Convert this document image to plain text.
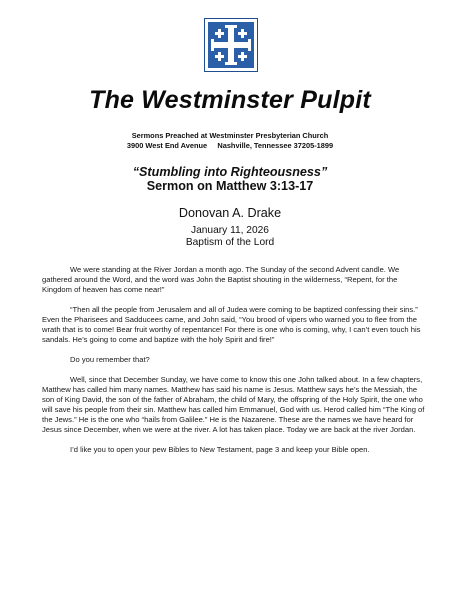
The Westminster Pulpit
Sermons Preached at Westminster Presbyterian Church
3900 West End Avenue     Nashville, Tennessee 37205-1899
“Stumbling into Righteousness”
Sermon on Matthew 3:13-17
Donovan A. Drake
January 11, 2026
Baptism of the Lord

We were standing at the River Jordan a month ago. The Sunday of the second Advent candle. We gathered around the Word, and the word was John the Baptist shouting in the wilderness, “Repent, for the Kingdom of heaven has come near!”

“Then all the people from Jerusalem and all of Judea were coming to be baptized confessing their sins.” Even the Pharisees and Sadducees came, and John said, “You brood of vipers who warned you to flee from the wrath that is to come! Bear fruit worthy of repentance! For there is one who is coming, why, I can’t even touch his sandals. He’s going to come and baptize with the holy Spirit and fire!”

Do you remember that?

Well, since that December Sunday, we have come to know this one John talked about. In a few chapters, Matthew has called him many names. Matthew has said his name is Jesus. Matthew says he’s the Messiah, the son of King David, the son of the father of Abraham, the child of Mary, the offspring of the Holy Spirit, the one who will save his people from their sin. Matthew has called him Emmanuel, God with us. Herod called him “The King of the Jews.” He is the one who “hails from Galilee.” He is the Nazarene. These are the names we have heard for Jesus since December, when we were at the river. A lot has taken place. Today we are back at the river Jordan.

I’d like you to open your pew Bibles to New Testament, page 3 and keep your Bible open.
